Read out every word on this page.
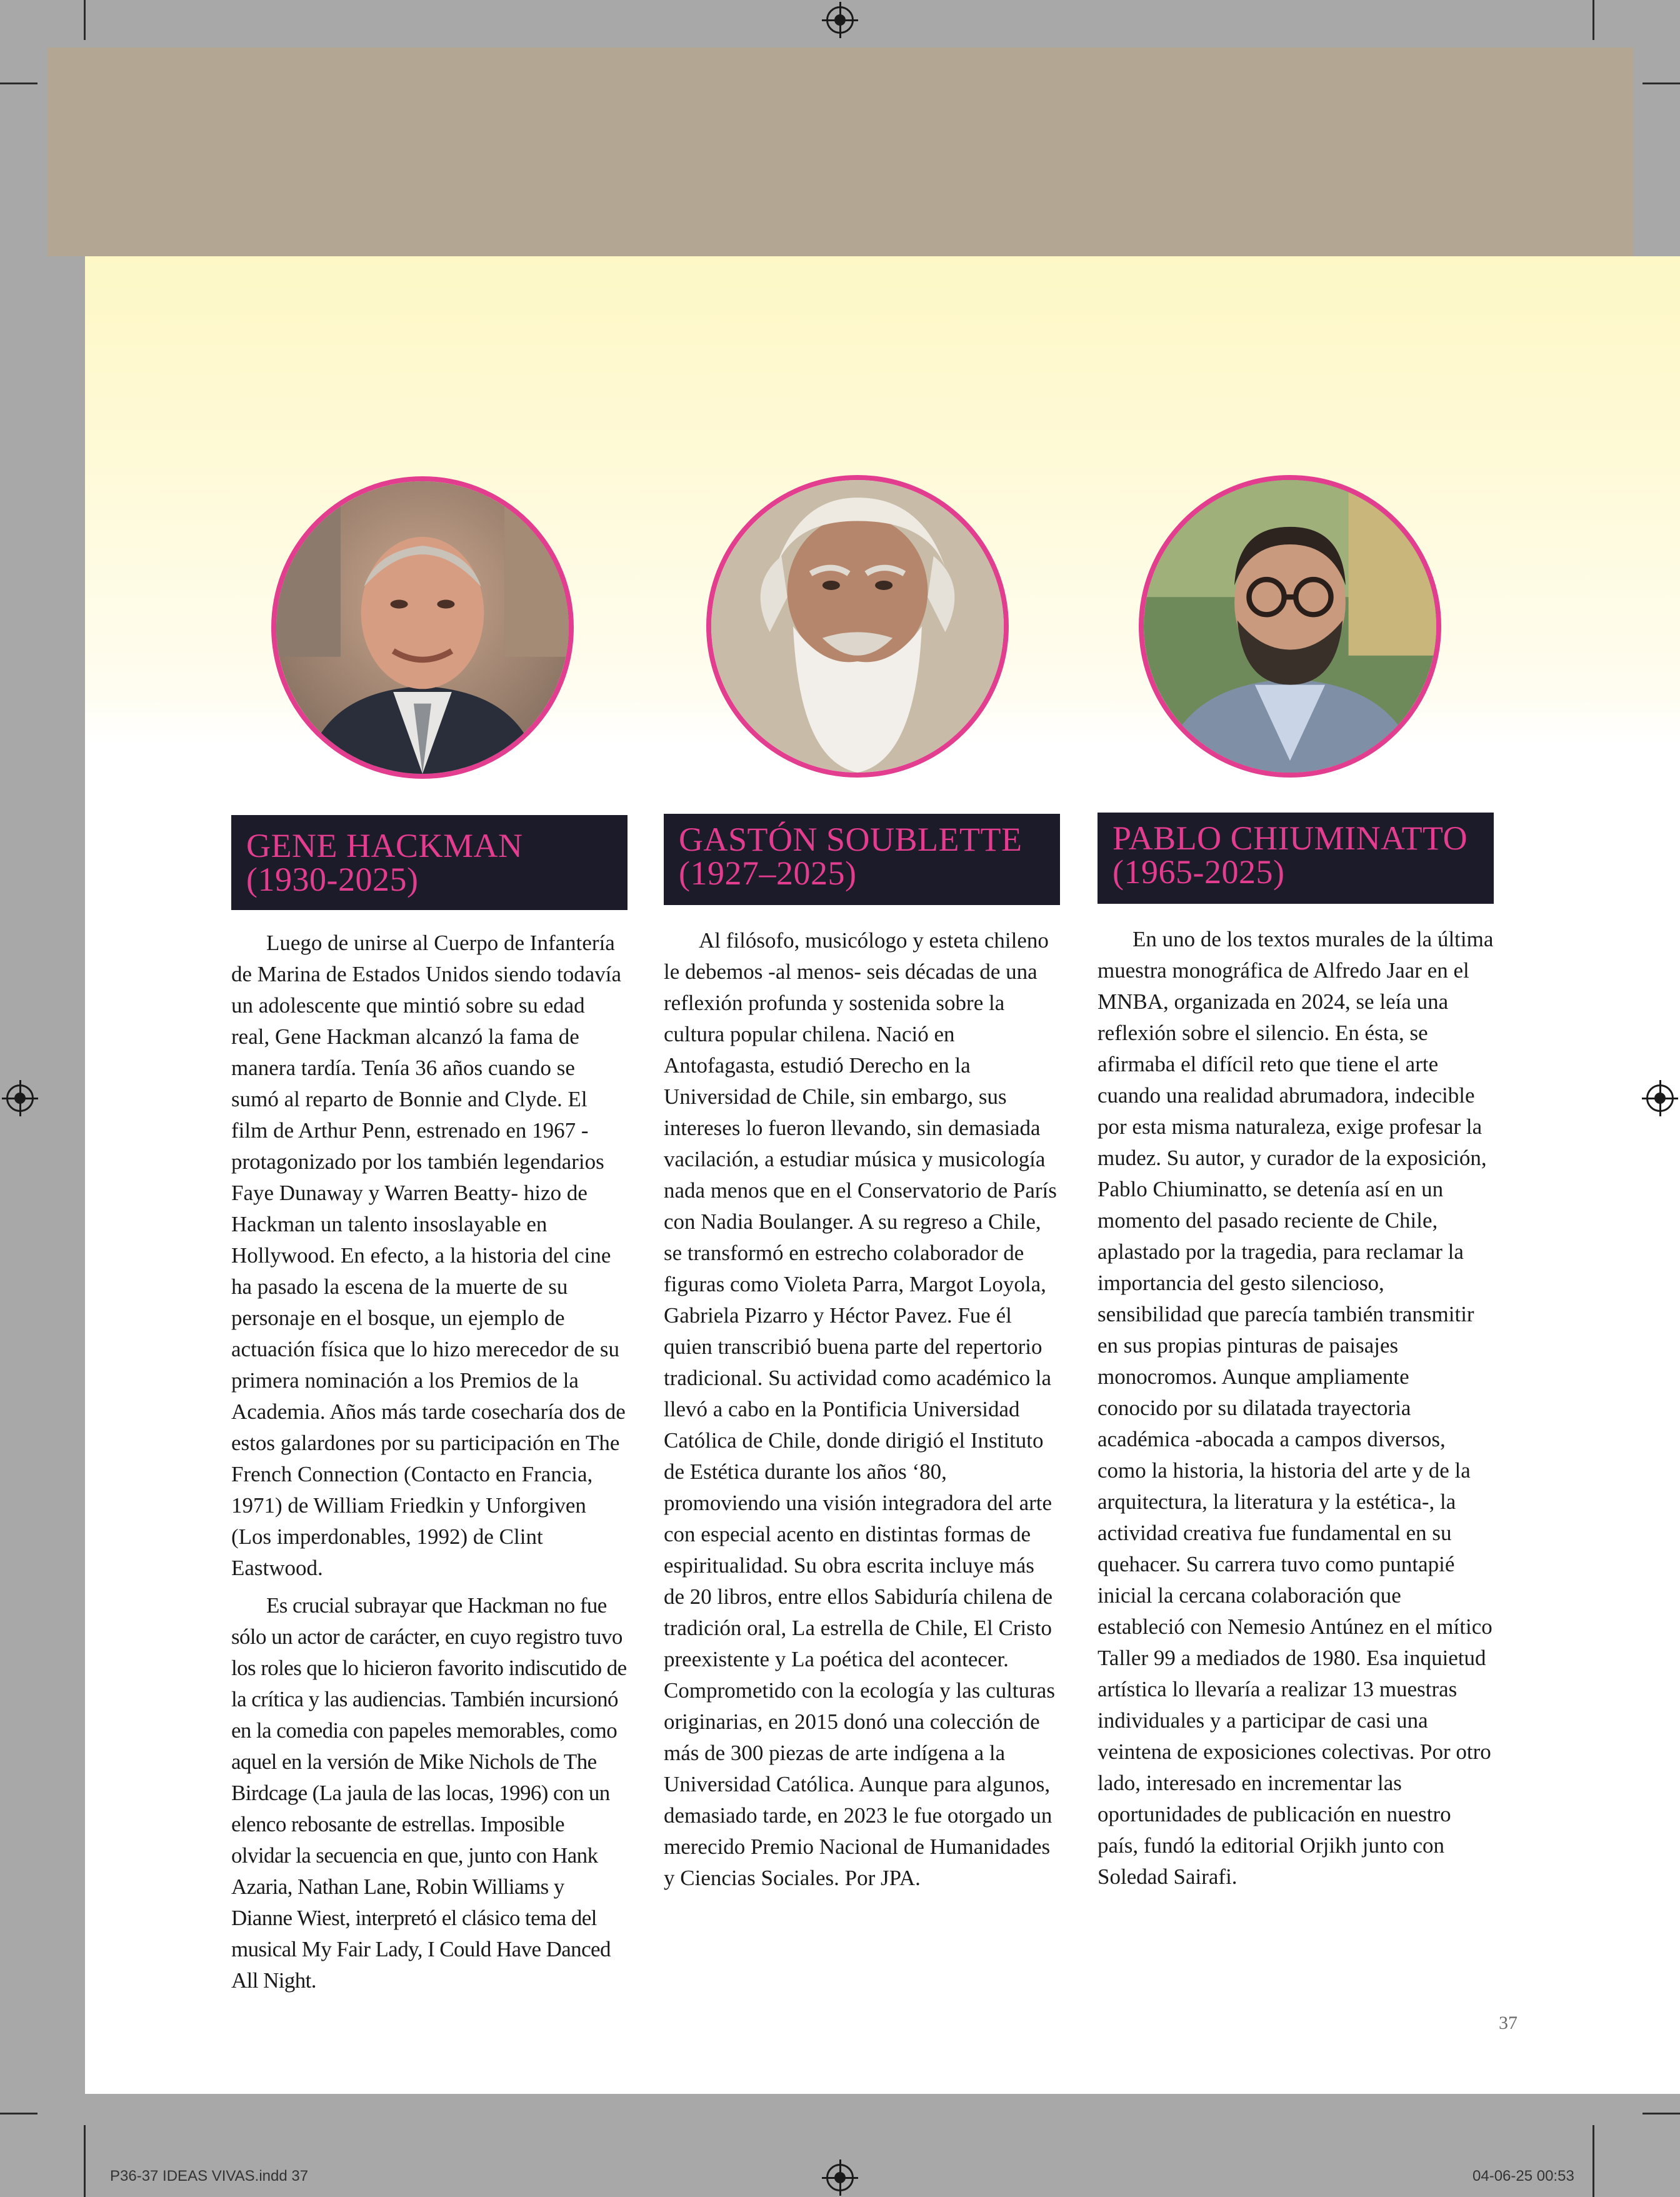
GENE HACKMAN
(1930-2025)
GASTÓN SOUBLETTE
(1927–2025)
PABLO CHIUMINATTO
(1965-2025)

Luego de unirse al Cuerpo de Infantería de Marina de Estados Unidos siendo todavía un adolescente que mintió sobre su edad real, Gene Hackman alcanzó la fama de manera tardía. Tenía 36 años cuando se sumó al reparto de Bonnie and Clyde. El film de Arthur Penn, estrenado en 1967 -protagonizado por los también legendarios Faye Dunaway y Warren Beatty- hizo de Hackman un talento insoslayable en Hollywood. En efecto, a la historia del cine ha pasado la escena de la muerte de su personaje en el bosque, un ejemplo de actuación física que lo hizo merecedor de su primera nominación a los Premios de la Academia. Años más tarde cosecharía dos de estos galardones por su participación en The French Connection (Contacto en Francia, 1971) de William Friedkin y Unforgiven (Los imperdonables, 1992) de Clint Eastwood.

Es crucial subrayar que Hackman no fue sólo un actor de carácter, en cuyo registro tuvo los roles que lo hicieron favorito indiscutido de la crítica y las audiencias. También incursionó en la comedia con papeles memorables, como aquel en la versión de Mike Nichols de The Birdcage (La jaula de las locas, 1996) con un elenco rebosante de estrellas. Imposible olvidar la secuencia en que, junto con Hank Azaria, Nathan Lane, Robin Williams y Dianne Wiest, interpretó el clásico tema del musical My Fair Lady, I Could Have Danced All Night.

Al filósofo, musicólogo y esteta chileno le debemos -al menos- seis décadas de una reflexión profunda y sostenida sobre la cultura popular chilena. Nació en Antofagasta, estudió Derecho en la Universidad de Chile, sin embargo, sus intereses lo fueron llevando, sin demasiada vacilación, a estudiar música y musicología nada menos que en el Conservatorio de París con Nadia Boulanger. A su regreso a Chile, se transformó en estrecho colaborador de figuras como Violeta Parra, Margot Loyola, Gabriela Pizarro y Héctor Pavez. Fue él quien transcribió buena parte del repertorio tradicional. Su actividad como académico la llevó a cabo en la Pontificia Universidad Católica de Chile, donde dirigió el Instituto de Estética durante los años ‘80, promoviendo una visión integradora del arte con especial acento en distintas formas de espiritualidad. Su obra escrita incluye más de 20 libros, entre ellos Sabiduría chilena de tradición oral, La estrella de Chile, El Cristo preexistente y La poética del acontecer. Comprometido con la ecología y las culturas originarias, en 2015 donó una colección de más de 300 piezas de arte indígena a la Universidad Católica. Aunque para algunos, demasiado tarde, en 2023 le fue otorgado un merecido Premio Nacional de Humanidades y Ciencias Sociales. Por JPA.

En uno de los textos murales de la última muestra monográfica de Alfredo Jaar en el MNBA, organizada en 2024, se leía una reflexión sobre el silencio. En ésta, se afirmaba el difícil reto que tiene el arte cuando una realidad abrumadora, indecible por esta misma naturaleza, exige profesar la mudez. Su autor, y curador de la exposición, Pablo Chiuminatto, se detenía así en un momento del pasado reciente de Chile, aplastado por la tragedia, para reclamar la importancia del gesto silencioso, sensibilidad que parecía también transmitir en sus propias pinturas de paisajes monocromos. Aunque ampliamente conocido por su dilatada trayectoria académica -abocada a campos diversos, como la historia, la historia del arte y de la arquitectura, la literatura y la estética-, la actividad creativa fue fundamental en su quehacer. Su carrera tuvo como puntapié inicial la cercana colaboración que estableció con Nemesio Antúnez en el mítico Taller 99 a mediados de 1980. Esa inquietud artística lo llevaría a realizar 13 muestras individuales y a participar de casi una veintena de exposiciones colectivas. Por otro lado, interesado en incrementar las oportunidades de publicación en nuestro país, fundó la editorial Orjikh junto con Soledad Sairafi.

37
P36-37 IDEAS VIVAS.indd 37	04-06-25 00:53
